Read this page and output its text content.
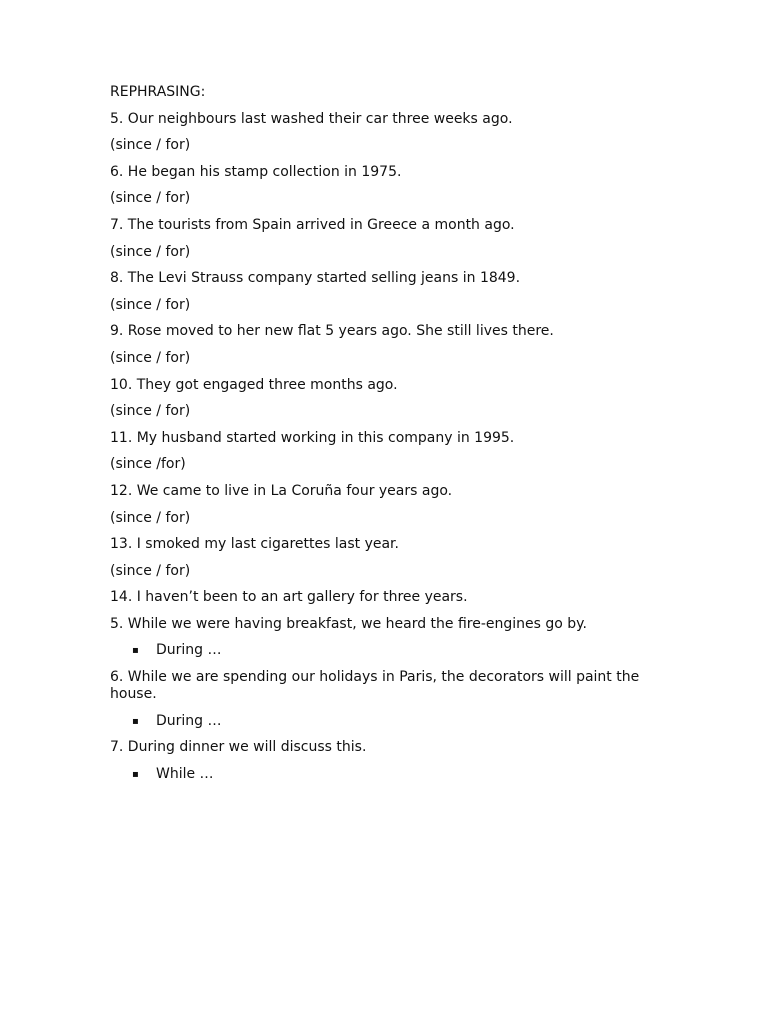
REPHRASING:
5. Our neighbours last washed their car three weeks ago.
(since / for)
6. He began his stamp collection in 1975.
(since / for)
7. The tourists from Spain arrived in Greece a month ago.
(since / for)
8. The Levi Strauss company started selling jeans in 1849.
(since / for)
9. Rose moved to her new flat 5 years ago. She still lives there.
(since / for)
10. They got engaged three months ago.
(since / for)
11. My husband started working in this company in 1995.
(since /for)
12. We came to live in La Coruña four years ago.
(since / for)
13. I smoked my last cigarettes last year.
(since / for)
14. I haven’t been to an art gallery for three years.
5. While we were having breakfast, we heard the fire-engines go by.
▪ During …
6. While we are spending our holidays in Paris, the decorators will paint the house.
▪ During …
7. During dinner we will discuss this.
▪ While …
